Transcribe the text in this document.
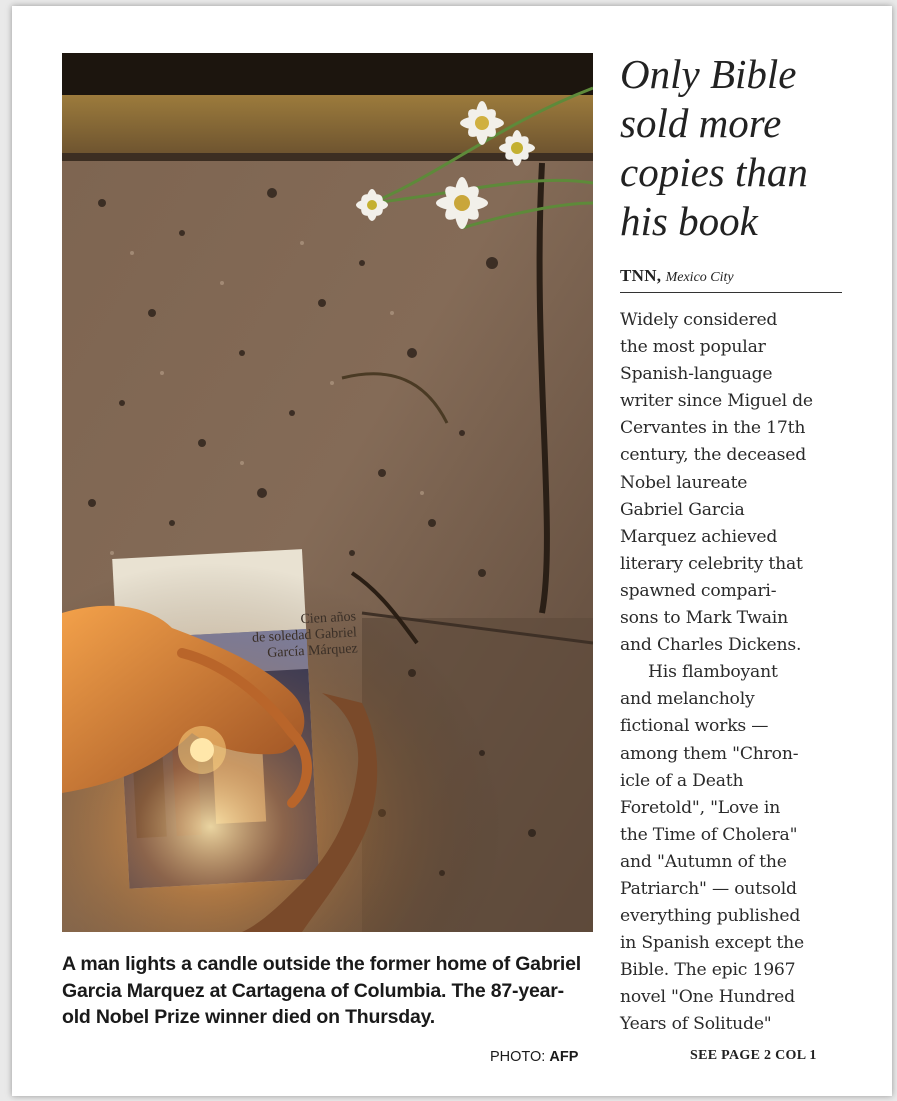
Cien años
de soledad Gabriel
García Márquez
A man lights a candle outside the former home of Gabriel Garcia Marquez at Cartagena of Columbia. The 87-year-old Nobel Prize winner died on Thursday.
PHOTO: AFP
Only Bible sold more copies than his book
TNN, Mexico City
Widely considered
the most popular
Spanish-language
writer since Miguel de
Cervantes in the 17th
century, the deceased
Nobel laureate
Gabriel Garcia
Marquez achieved
literary celebrity that
spawned compari-
sons to Mark Twain
and Charles Dickens.
His flamboyant
and melancholy
fictional works —
among them "Chron-
icle of a Death
Foretold", "Love in
the Time of Cholera"
and "Autumn of the
Patriarch" — outsold
everything published
in Spanish except the
Bible. The epic 1967
novel "One Hundred
Years of Solitude"
SEE PAGE 2 COL 1
